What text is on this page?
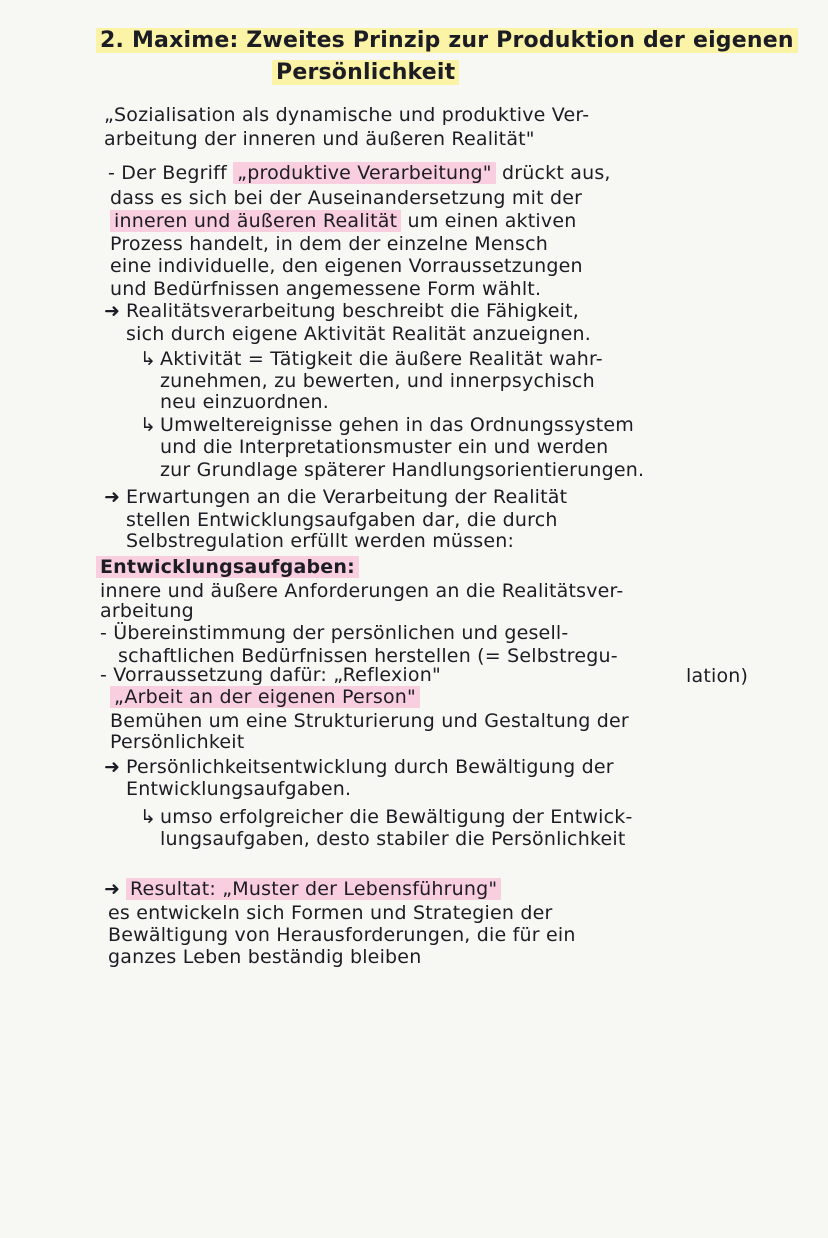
2. Maxime: Zweites Prinzip zur Produktion der eigenen
Persönlichkeit
„Sozialisation als dynamische und produktive Ver-
arbeitung der inneren und äußeren Realität"
- Der Begriff „produktive Verarbeitung" drückt aus,
dass es sich bei der Auseinandersetzung mit der
inneren und äußeren Realität um einen aktiven
Prozess handelt, in dem der einzelne Mensch
eine individuelle, den eigenen Vorraussetzungen
und Bedürfnissen angemessene Form wählt.
➜ Realitätsverarbeitung beschreibt die Fähigkeit,
sich durch eigene Aktivität Realität anzueignen.
↳ Aktivität = Tätigkeit die äußere Realität wahr-
zunehmen, zu bewerten, und innerpsychisch
neu einzuordnen.
↳ Umweltereignisse gehen in das Ordnungssystem
und die Interpretationsmuster ein und werden
zur Grundlage späterer Handlungsorientierungen.
➜ Erwartungen an die Verarbeitung der Realität
stellen Entwicklungsaufgaben dar, die durch
Selbstregulation erfüllt werden müssen:
Entwicklungsaufgaben:
innere und äußere Anforderungen an die Realitätsver-
arbeitung
- Übereinstimmung der persönlichen und gesell-
schaftlichen Bedürfnissen herstellen (= Selbstregu-
lation)
- Vorraussetzung dafür: „Reflexion"
„Arbeit an der eigenen Person"
Bemühen um eine Strukturierung und Gestaltung der
Persönlichkeit
➜ Persönlichkeitsentwicklung durch Bewältigung der
Entwicklungsaufgaben.
↳ umso erfolgreicher die Bewältigung der Entwick-
lungsaufgaben, desto stabiler die Persönlichkeit
➜ Resultat: „Muster der Lebensführung"
es entwickeln sich Formen und Strategien der
Bewältigung von Herausforderungen, die für ein
ganzes Leben beständig bleiben
